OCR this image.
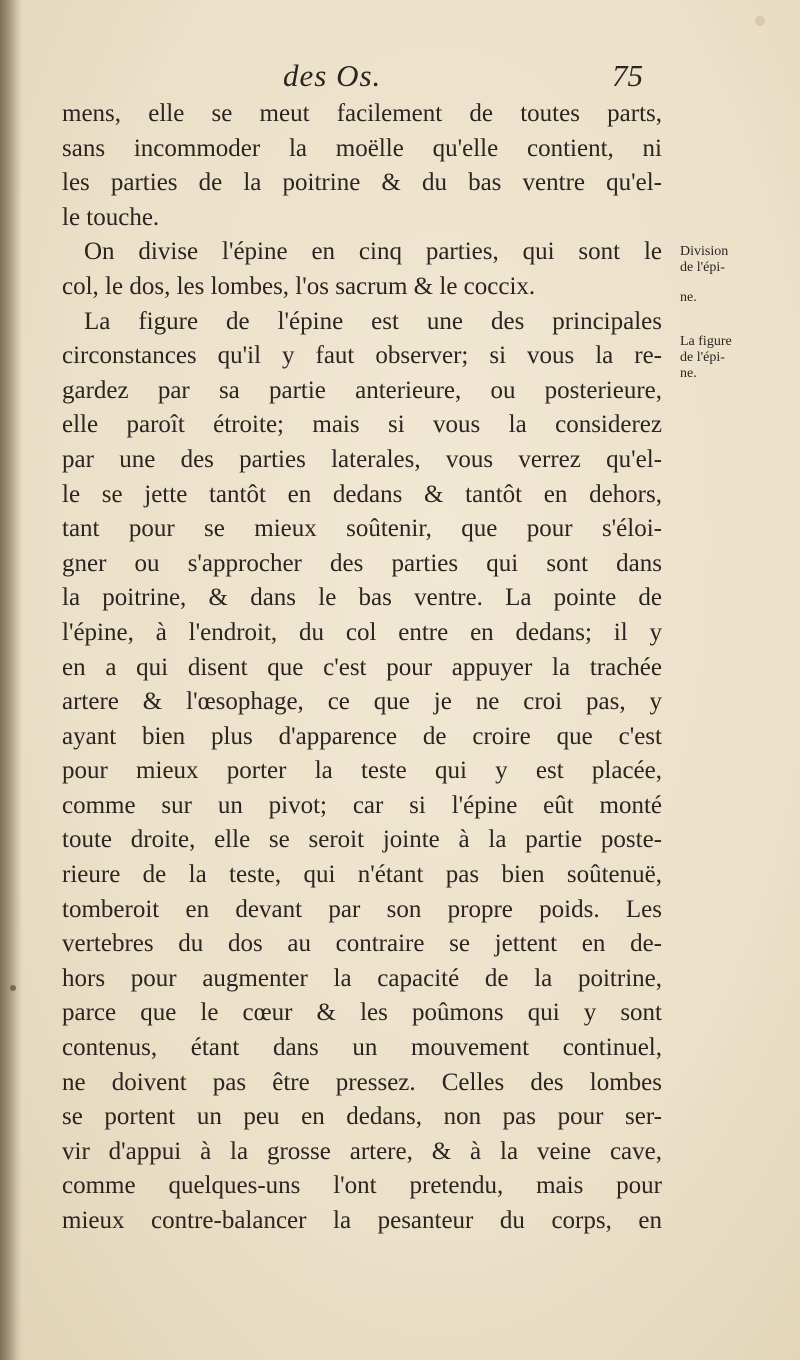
des Os.	75
mens, elle se meut facilement de toutes parts,
sans incommoder la moëlle qu'elle contient, ni
les parties de la poitrine & du bas ventre qu'el-
le touche.
On divise l'épine en cinq parties, qui sont le
col, le dos, les lombes, l'os sacrum & le coccix.
La figure de l'épine est une des principales
circonstances qu'il y faut observer; si vous la re-
gardez par sa partie anterieure, ou posterieure,
elle paroît étroite; mais si vous la considerez
par une des parties laterales, vous verrez qu'el-
le se jette tantôt en dedans & tantôt en dehors,
tant pour se mieux soûtenir, que pour s'éloi-
gner ou s'approcher des parties qui sont dans
la poitrine, & dans le bas ventre. La pointe de
l'épine, à l'endroit, du col entre en dedans; il y
en a qui disent que c'est pour appuyer la trachée
artere & l'œsophage, ce que je ne croi pas, y
ayant bien plus d'apparence de croire que c'est
pour mieux porter la teste qui y est placée,
comme sur un pivot; car si l'épine eût monté
toute droite, elle se seroit jointe à la partie poste-
rieure de la teste, qui n'étant pas bien soûtenuë,
tomberoit en devant par son propre poids. Les
vertebres du dos au contraire se jettent en de-
hors pour augmenter la capacité de la poitrine,
parce que le cœur & les poûmons qui y sont
contenus, étant dans un mouvement continuel,
ne doivent pas être pressez. Celles des lombes
se portent un peu en dedans, non pas pour ser-
vir d'appui à la grosse artere, & à la veine cave,
comme quelques-uns l'ont pretendu, mais pour
mieux contre-balancer la pesanteur du corps, en
Division
de l'épi-
ne.
La figure
de l'épi-
ne.
